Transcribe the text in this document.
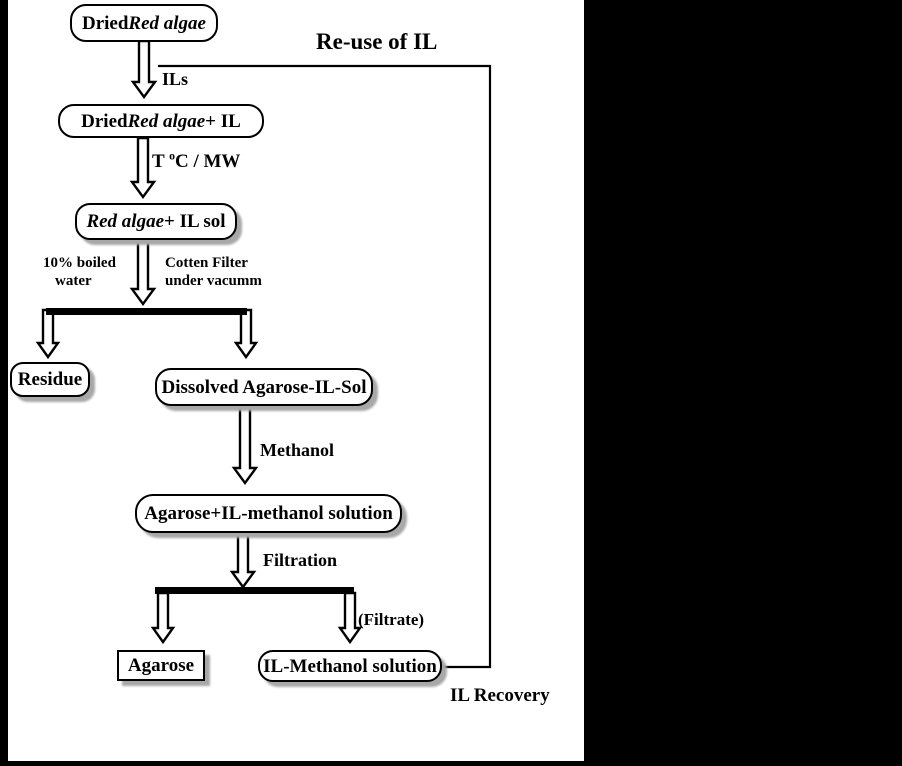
Dried Red algae
Dried Red algae + IL
Red algae + IL sol
Residue	Dissolved Agarose-IL-Sol
Agarose+IL-methanol solution
Agarose	IL-Methanol solution
Re-use of IL
ILs
T $^o$C / MW
10% boiled
water
Cotten Filter
under vacumm
Methanol
Filtration
(Filtrate)
IL Recovery
